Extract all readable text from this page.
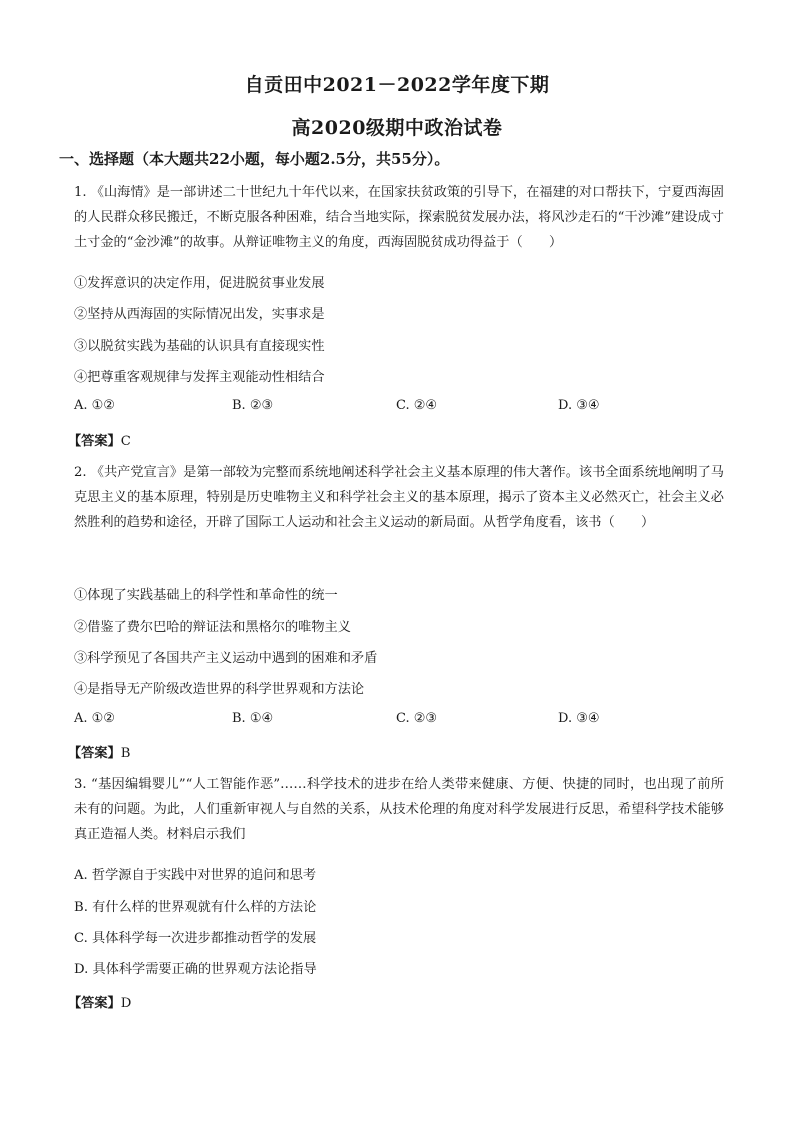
自贡田中2021－2022学年度下期
高2020级期中政治试卷
一、选择题（本大题共22小题，每小题2.5分，共55分）。
1. 《山海情》是一部讲述二十世纪九十年代以来，在国家扶贫政策的引导下，在福建的对口帮扶下，宁夏西海固的人民群众移民搬迁，不断克服各种困难，结合当地实际，探索脱贫发展办法，将风沙走石的“干沙滩”建设成寸土寸金的“金沙滩”的故事。从辩证唯物主义的角度，西海固脱贫成功得益于（　　）
①发挥意识的决定作用，促进脱贫事业发展
②坚持从西海固的实际情况出发，实事求是
③以脱贫实践为基础的认识具有直接现实性
④把尊重客观规律与发挥主观能动性相结合
A. ①②	B. ②③	C. ②④	D. ③④
【答案】C
2. 《共产党宣言》是第一部较为完整而系统地阐述科学社会主义基本原理的伟大著作。该书全面系统地阐明了马克思主义的基本原理，特别是历史唯物主义和科学社会主义的基本原理，揭示了资本主义必然灭亡，社会主义必然胜利的趋势和途径，开辟了国际工人运动和社会主义运动的新局面。从哲学角度看，该书（　　）
①体现了实践基础上的科学性和革命性的统一
②借鉴了费尔巴哈的辩证法和黑格尔的唯物主义
③科学预见了各国共产主义运动中遇到的困难和矛盾
④是指导无产阶级改造世界的科学世界观和方法论
A. ①②	B. ①④	C. ②③	D. ③④
【答案】B
3. “基因编辑婴儿”“人工智能作恶”……科学技术的进步在给人类带来健康、方便、快捷的同时，也出现了前所未有的问题。为此，人们重新审视人与自然的关系，从技术伦理的角度对科学发展进行反思，希望科学技术能够真正造福人类。材料启示我们
A. 哲学源自于实践中对世界的追问和思考
B. 有什么样的世界观就有什么样的方法论
C. 具体科学每一次进步都推动哲学的发展
D. 具体科学需要正确的世界观方法论指导
【答案】D
